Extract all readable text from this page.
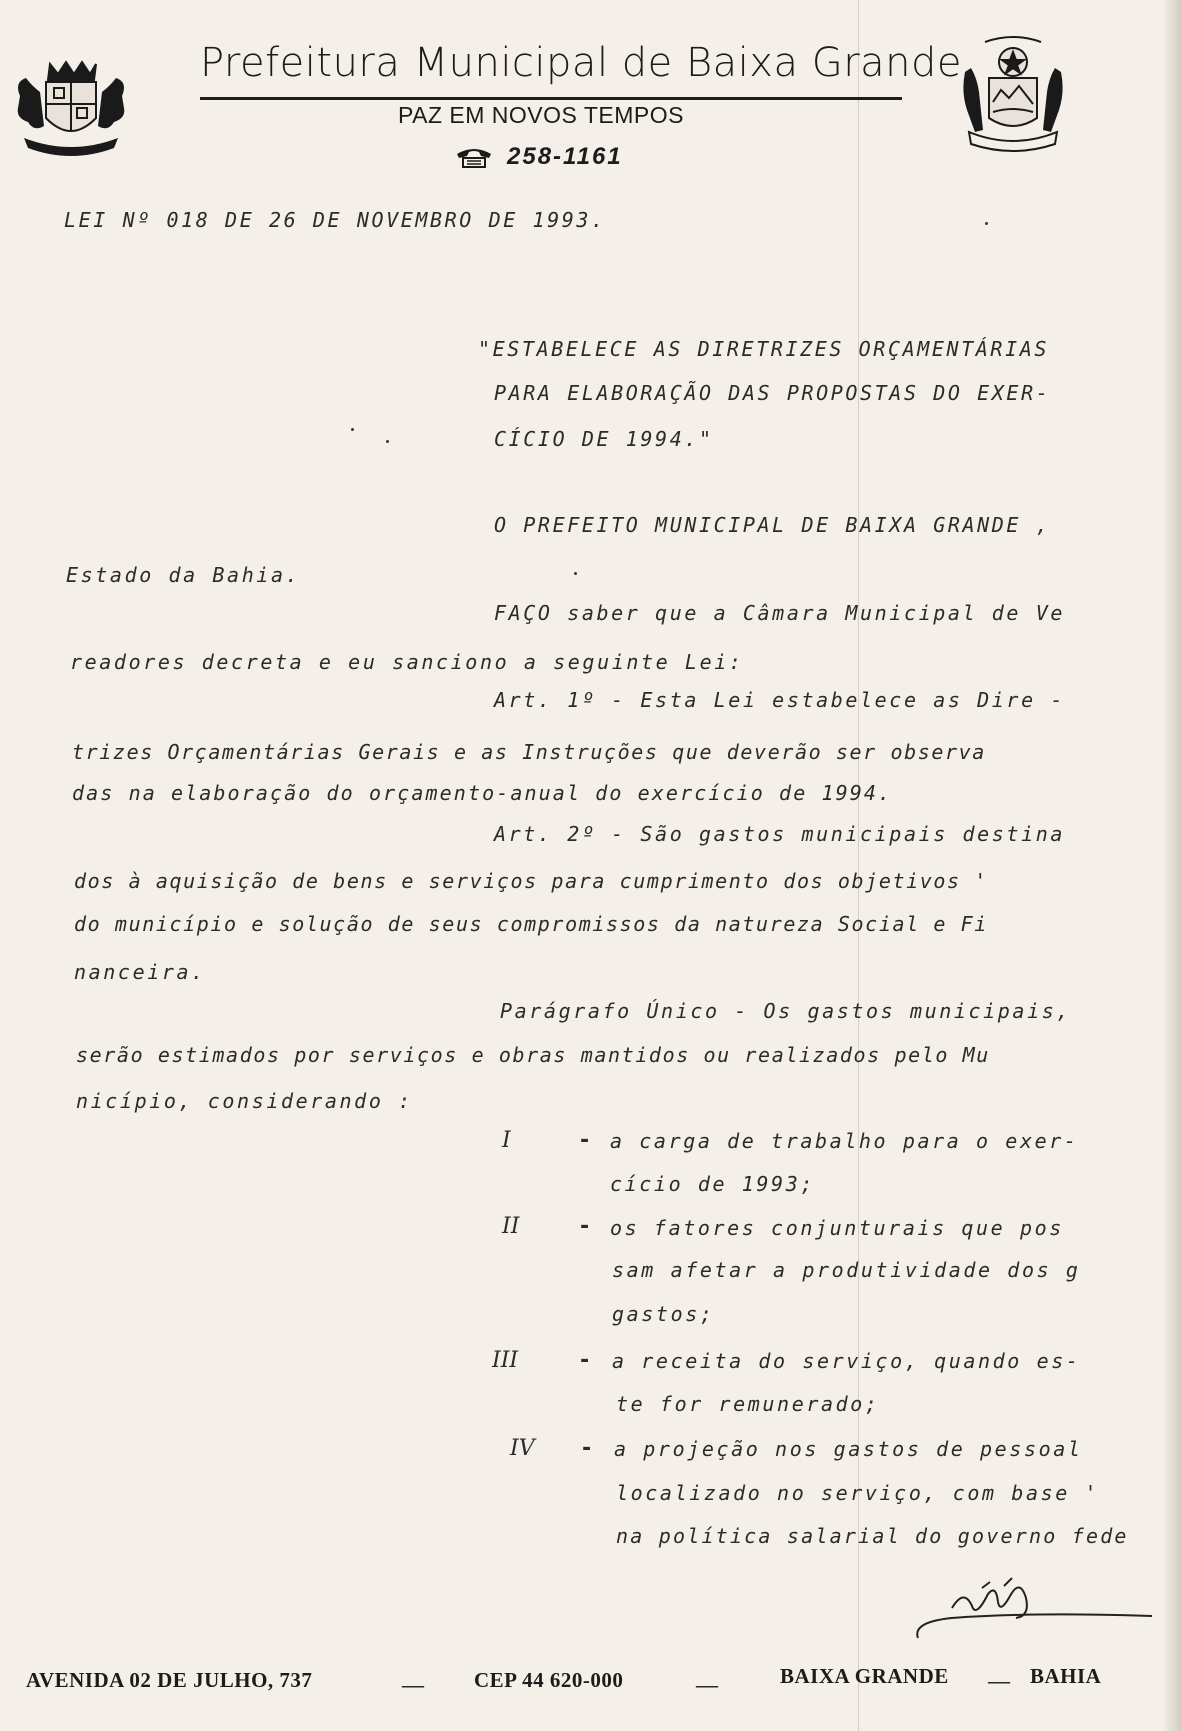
Prefeitura Municipal de Baixa Grande
PAZ EM NOVOS TEMPOS
258-1161
LEI Nº 018 DE 26 DE NOVEMBRO DE 1993.
"ESTABELECE AS DIRETRIZES ORÇAMENTÁRIAS
PARA ELABORAÇÃO DAS PROPOSTAS DO EXER-
CÍCIO DE 1994."
O PREFEITO MUNICIPAL DE BAIXA GRANDE ,
Estado da Bahia.
FAÇO saber que a Câmara Municipal de Ve
readores decreta e eu sanciono a seguinte Lei:
Art. 1º - Esta Lei estabelece as Dire -
trizes Orçamentárias Gerais e as Instruções que deverão ser observa
das na elaboração do orçamento-anual do exercício de 1994.
Art. 2º - São gastos municipais destina
dos à aquisição de bens e serviços para cumprimento dos objetivos '
do município e solução de seus compromissos da natureza Social e Fi
nanceira.
Parágrafo Único - Os gastos municipais,
serão estimados por serviços e obras mantidos ou realizados pelo Mu
nicípio, considerando :
I	- a carga de trabalho para o exer-
cício de 1993;
II	- os fatores conjunturais que pos
sam afetar a produtividade dos g
gastos;
III	- a receita do serviço, quando es-
te for remunerado;
IV - a projeção nos gastos de pessoal
localizado no serviço, com base '
na política salarial do governo fede
AVENIDA 02 DE JULHO, 737	— CEP 44 620-000	—	BAIXA GRANDE — BAHIA
